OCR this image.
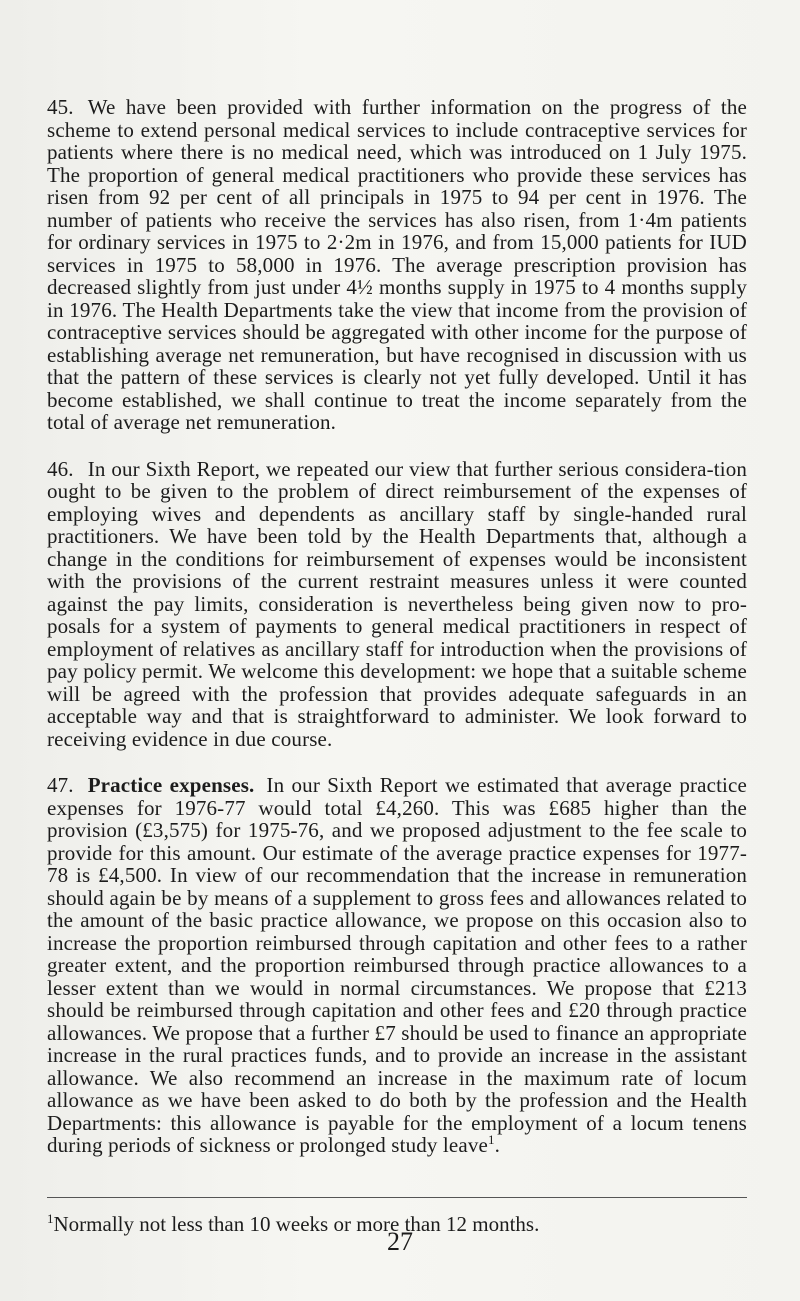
45. We have been provided with further information on the progress of the scheme to extend personal medical services to include contraceptive services for patients where there is no medical need, which was introduced on 1 July 1975. The proportion of general medical practitioners who provide these services has risen from 92 per cent of all principals in 1975 to 94 per cent in 1976. The number of patients who receive the services has also risen, from 1·4m patients for ordinary services in 1975 to 2·2m in 1976, and from 15,000 patients for IUD services in 1975 to 58,000 in 1976. The average prescription provision has decreased slightly from just under 4½ months supply in 1975 to 4 months supply in 1976. The Health Departments take the view that income from the provision of contraceptive services should be aggregated with other income for the purpose of establishing average net remuneration, but have recognised in discussion with us that the pattern of these services is clearly not yet fully developed. Until it has become established, we shall continue to treat the income separately from the total of average net remuneration.

46. In our Sixth Report, we repeated our view that further serious considera-tion ought to be given to the problem of direct reimbursement of the expenses of employing wives and dependents as ancillary staff by single-handed rural practitioners. We have been told by the Health Departments that, although a change in the conditions for reimbursement of expenses would be inconsistent with the provisions of the current restraint measures unless it were counted against the pay limits, consideration is nevertheless being given now to pro-posals for a system of payments to general medical practitioners in respect of employment of relatives as ancillary staff for introduction when the provisions of pay policy permit. We welcome this development: we hope that a suitable scheme will be agreed with the profession that provides adequate safeguards in an acceptable way and that is straightforward to administer. We look forward to receiving evidence in due course.

47. Practice expenses. In our Sixth Report we estimated that average practice expenses for 1976-77 would total £4,260. This was £685 higher than the provision (£3,575) for 1975-76, and we proposed adjustment to the fee scale to provide for this amount. Our estimate of the average practice expenses for 1977-78 is £4,500. In view of our recommendation that the increase in remuneration should again be by means of a supplement to gross fees and allowances related to the amount of the basic practice allowance, we propose on this occasion also to increase the proportion reimbursed through capitation and other fees to a rather greater extent, and the proportion reimbursed through practice allowances to a lesser extent than we would in normal circumstances. We propose that £213 should be reimbursed through capitation and other fees and £20 through practice allowances. We propose that a further £7 should be used to finance an appropriate increase in the rural practices funds, and to provide an increase in the assistant allowance. We also recommend an increase in the maximum rate of locum allowance as we have been asked to do both by the profession and the Health Departments: this allowance is payable for the employment of a locum tenens during periods of sickness or prolonged study leave$^1$.

$^1$Normally not less than 10 weeks or more than 12 months.

27
